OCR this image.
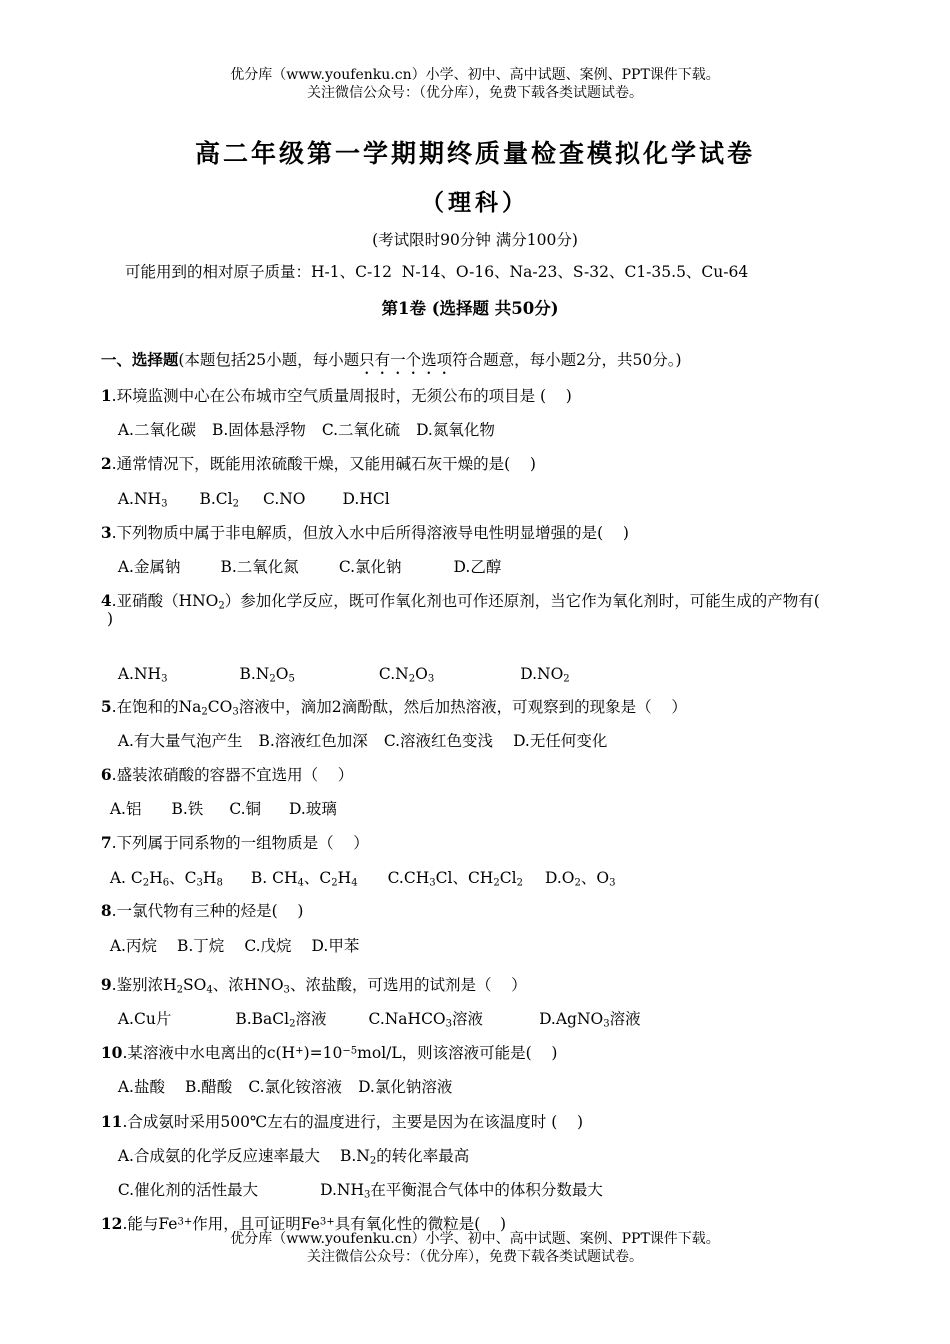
优分库（www.youfenku.cn）小学、初中、高中试题、案例、PPT课件下载。
关注微信公众号：（优分库），免费下载各类试题试卷。
高二年级第一学期期终质量检查模拟化学试卷
（理科）
(考试限时90分钟 满分100分)
可能用到的相对原子质量：H-1、C-12  N-14、O-16、Na-23、S-32、C1-35.5、Cu-64
第1卷 (选择题 共50分)

一、选择题(本题包括25小题，每小题只有一个选项符合题意，每小题2分，共50分。)

1.环境监测中心在公布城市空气质量周报时，无须公布的项目是 (    )

A.二氧化碳 B.固体悬浮物 C.二氧化硫 D.氮氧化物

2.通常情况下，既能用浓硫酸干燥，又能用碱石灰干燥的是(    )

$A.NH_3$ $B.Cl_2$ C.NO D.HCl

3.下列物质中属于非电解质，但放入水中后所得溶液导电性明显增强的是(    )

A.金属钠	B.二氧化氮	C.氯化钠	D.乙醇

4.亚硝酸$(HNO_2)$参加化学反应，既可作氧化剂也可作还原剂，当它作为氧化剂时，可能生成的产物有(

)

$A.NH_3$	$B.N_2O_5$	$C.N_2O_3$	$D.NO_2$

5.在饱和的$Na_2CO_3$溶液中，滴加2滴酚酞，然后加热溶液，可观察到的现象是（    ）

A.有大量气泡产生 B.溶液红色加深 C.溶液红色变浅 D.无任何变化

6.盛装浓硝酸的容器不宜选用（    ）

A.铝 B.铁 C.铜 D.玻璃

7.下列属于同系物的一组物质是（    ）

A. $C_2H_6$、$C_3H_8$ B. $CH_4$、$C_2H_4$ $C.CH_3Cl$、$CH_2Cl_2$ $D.O_2$、$O_3$

8.一氯代物有三种的烃是(    )

A.丙烷 B.丁烷 C.戊烷 D.甲苯

9.鉴别浓$H_2SO_4$、浓$HNO_3$、浓盐酸，可选用的试剂是（    ）

A.Cu片	B.BaCl$_2$溶液	C.NaHCO$_3$溶液	D.AgNO$_3$溶液

10.某溶液中水电离出的$c(H^+)=10^{-5}mol/L$，则该溶液可能是(    )

A.盐酸 B.醋酸 C.氯化铵溶液 D.氯化钠溶液

11.合成氨时采用500℃左右的温度进行，主要是因为在该温度时 (    )

A.合成氨的化学反应速率最大 $B.N_2$的转化率最高

C.催化剂的活性最大	$D.NH_3$在平衡混合气体中的体积分数最大

12.能与$Fe^{3+}$作用，且可证明$Fe^{3+}$具有氧化性的微粒是(    )

优分库（www.youfenku.cn）小学、初中、高中试题、案例、PPT课件下载。
关注微信公众号：（优分库），免费下载各类试题试卷。
